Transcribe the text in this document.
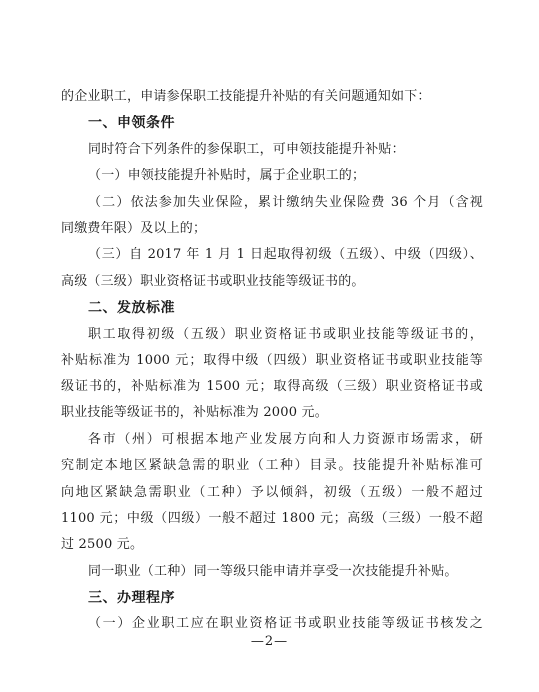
的企业职工，申请参保职工技能提升补贴的有关问题通知如下：
一、申领条件
同时符合下列条件的参保职工，可申领技能提升补贴：
（一）申领技能提升补贴时，属于企业职工的；
（二）依法参加失业保险，累计缴纳失业保险费 36 个月（含视
同缴费年限）及以上的；
（三）自 2017 年 1 月 1 日起取得初级（五级）、中级（四级）、
高级（三级）职业资格证书或职业技能等级证书的。
二、发放标准
职工取得初级（五级）职业资格证书或职业技能等级证书的，
补贴标准为 1000 元；取得中级（四级）职业资格证书或职业技能等
级证书的，补贴标准为 1500 元；取得高级（三级）职业资格证书或
职业技能等级证书的，补贴标准为 2000 元。
各市（州）可根据本地产业发展方向和人力资源市场需求，研
究制定本地区紧缺急需的职业（工种）目录。技能提升补贴标准可
向地区紧缺急需职业（工种）予以倾斜，初级（五级）一般不超过
1100 元；中级（四级）一般不超过 1800 元；高级（三级）一般不超
过 2500 元。
同一职业（工种）同一等级只能申请并享受一次技能提升补贴。
三、办理程序
（一）企业职工应在职业资格证书或职业技能等级证书核发之
—2—
